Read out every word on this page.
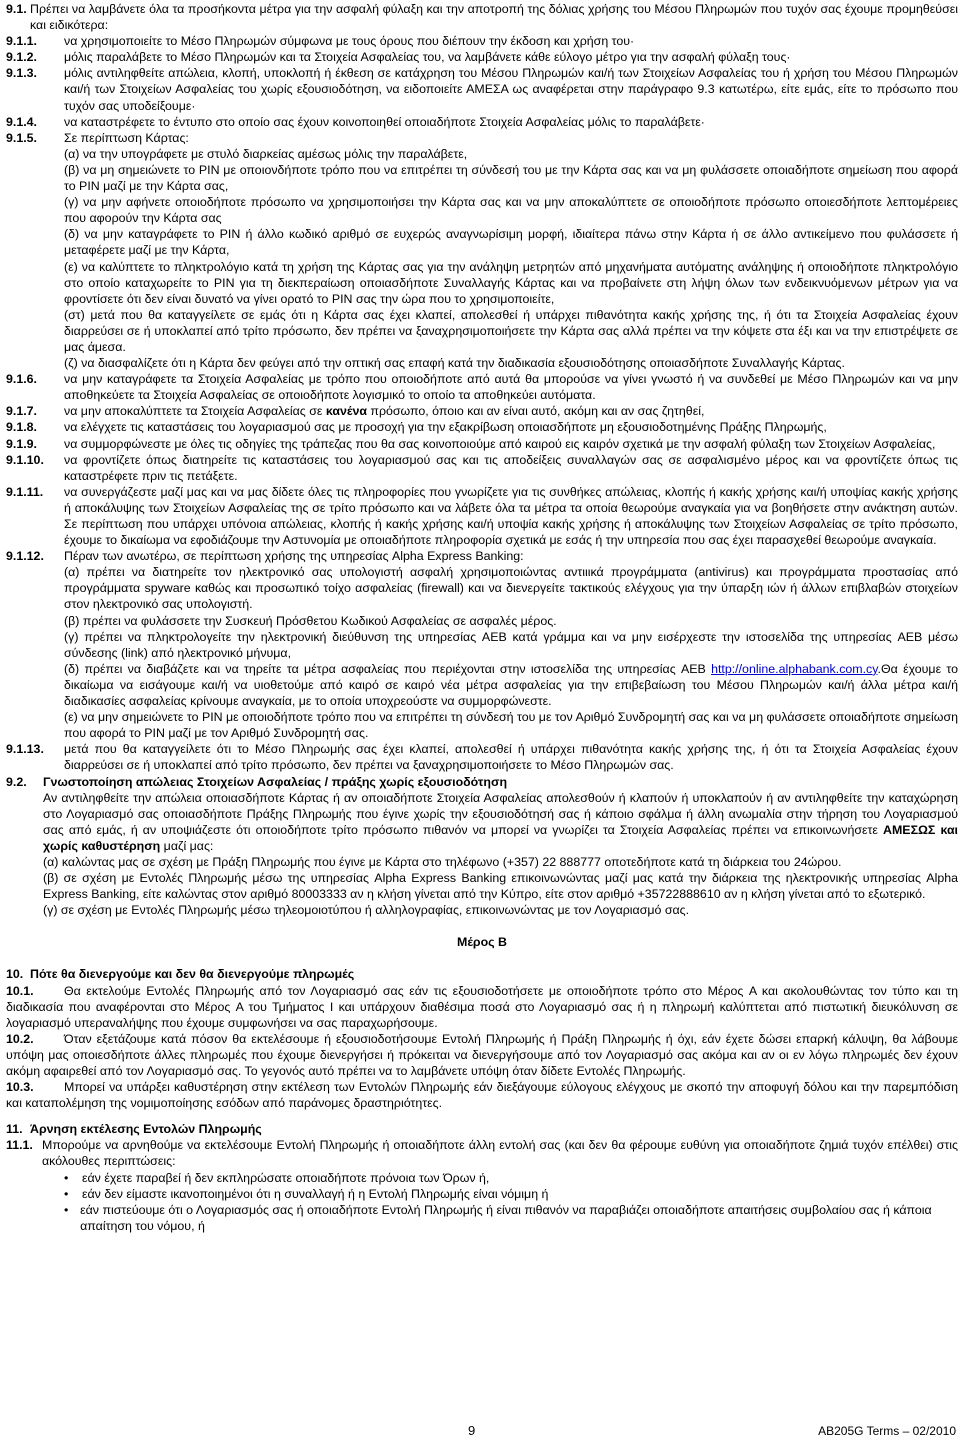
9.1. Πρέπει να λαμβάνετε όλα τα προσήκοντα μέτρα για την ασφαλή φύλαξη και την αποτροπή της δόλιας χρήσης του Μέσου Πληρωμών που τυχόν σας έχουμε προμηθεύσει και ειδικότερα:

9.1.1.	να χρησιμοποιείτε το Μέσο Πληρωμών σύμφωνα με τους όρους που διέπουν την έκδοση και χρήση του·

9.1.2.	μόλις παραλάβετε το Μέσο Πληρωμών και τα Στοιχεία Ασφαλείας του, να λαμβάνετε κάθε εύλογο μέτρο για την ασφαλή φύλαξη τους·

9.1.3.	μόλις αντιληφθείτε απώλεια, κλοπή, υποκλοπή ή έκθεση σε κατάχρηση του Μέσου Πληρωμών και/ή των Στοιχείων Ασφαλείας του ή χρήση του Μέσου Πληρωμών και/ή των Στοιχείων Ασφαλείας του χωρίς εξουσιοδότηση, να ειδοποιείτε ΑΜΕΣΑ ως αναφέρεται στην παράγραφο 9.3 κατωτέρω, είτε εμάς, είτε το πρόσωπο που τυχόν σας υποδείξουμε·

9.1.4.	να καταστρέφετε το έντυπο στο οποίο σας έχουν κοινοποιηθεί οποιαδήποτε Στοιχεία Ασφαλείας μόλις το παραλάβετε·

9.1.5.	Σε περίπτωση Κάρτας:

(α) να την υπογράφετε με στυλό διαρκείας αμέσως μόλις την παραλάβετε,

(β) να μη σημειώνετε το PIN με οποιονδήποτε τρόπο που να επιτρέπει τη σύνδεσή του με την Κάρτα σας και να μη φυλάσσετε οποιαδήποτε σημείωση που αφορά το PIN μαζί με την Κάρτα σας,

(γ) να μην αφήνετε οποιοδήποτε πρόσωπο να χρησιμοποιήσει την Κάρτα σας και να μην αποκαλύπτετε σε οποιοδήποτε πρόσωπο οποιεσδήποτε λεπτομέρειες που αφορούν την Κάρτα σας

(δ) να μην καταγράφετε το PIN ή άλλο κωδικό αριθμό σε ευχερώς αναγνωρίσιμη μορφή, ιδιαίτερα πάνω στην Κάρτα ή σε άλλο αντικείμενο που φυλάσσετε ή μεταφέρετε μαζί με την Κάρτα,

(ε) να καλύπτετε το πληκτρολόγιο κατά τη χρήση της Κάρτας σας για την ανάληψη μετρητών από μηχανήματα αυτόματης ανάληψης ή οποιοδήποτε πληκτρολόγιο στο οποίο καταχωρείτε το PIN για τη διεκπεραίωση οποιασδήποτε Συναλλαγής Κάρτας και να προβαίνετε στη λήψη όλων των ενδεικνυόμενων μέτρων για να φροντίσετε ότι δεν είναι δυνατό να γίνει ορατό το PIN σας την ώρα που το χρησιμοποιείτε,

(στ) μετά που θα καταγγείλετε σε εμάς ότι η Κάρτα σας έχει κλαπεί, απολεσθεί ή υπάρχει πιθανότητα κακής χρήσης της, ή ότι τα Στοιχεία Ασφαλείας έχουν διαρρεύσει σε ή υποκλαπεί από τρίτο πρόσωπο, δεν πρέπει να ξαναχρησιμοποιήσετε την Κάρτα σας αλλά πρέπει να την κόψετε στα έξι και να την επιστρέψετε σε μας άμεσα.

(ζ) να διασφαλίζετε ότι η Κάρτα δεν φεύγει από την οπτική σας επαφή κατά την διαδικασία εξουσιοδότησης οποιασδήποτε Συναλλαγής Κάρτας.

9.1.6.	να μην καταγράφετε τα Στοιχεία Ασφαλείας με τρόπο που οποιοδήποτε από αυτά θα μπορούσε να γίνει γνωστό ή να συνδεθεί με Μέσο Πληρωμών και να μην αποθηκεύετε τα Στοιχεία Ασφαλείας σε οποιοδήποτε λογισμικό το οποίο τα αποθηκεύει αυτόματα.

9.1.7.	να μην αποκαλύπτετε τα Στοιχεία Ασφαλείας σε κανένα πρόσωπο, όποιο και αν είναι αυτό, ακόμη και αν σας ζητηθεί,

9.1.8.	να ελέγχετε τις καταστάσεις του λογαριασμού σας με προσοχή για την εξακρίβωση οποιασδήποτε μη εξουσιοδοτημένης Πράξης Πληρωμής,

9.1.9.	να συμμορφώνεστε με όλες τις οδηγίες της τράπεζας που θα σας κοινοποιούμε από καιρού εις καιρόν σχετικά με την ασφαλή φύλαξη των Στοιχείων Ασφαλείας,

9.1.10.	να φροντίζετε όπως διατηρείτε τις καταστάσεις του λογαριασμού σας και τις αποδείξεις συναλλαγών σας σε ασφαλισμένο μέρος και να φροντίζετε όπως τις καταστρέφετε πριν τις πετάξετε.

9.1.11.	να συνεργάζεστε μαζί μας και να μας δίδετε όλες τις πληροφορίες που γνωρίζετε για τις συνθήκες απώλειας, κλοπής ή κακής χρήσης και/ή υποψίας κακής χρήσης ή αποκάλυψης των Στοιχείων Ασφαλείας της σε τρίτο πρόσωπο και να λάβετε όλα τα μέτρα τα οποία θεωρούμε αναγκαία για να βοηθήσετε στην ανάκτηση αυτών. Σε περίπτωση που υπάρχει υπόνοια απώλειας, κλοπής ή κακής χρήσης και/ή υποψία κακής χρήσης ή αποκάλυψης των Στοιχείων Ασφαλείας σε τρίτο πρόσωπο, έχουμε το δικαίωμα να εφοδιάζουμε την Αστυνομία με οποιαδήποτε πληροφορία σχετικά με εσάς ή την υπηρεσία που σας έχει παρασχεθεί θεωρούμε αναγκαία.

9.1.12.	Πέραν των ανωτέρω, σε περίπτωση χρήσης της υπηρεσίας Alpha Express Banking:

(α) πρέπει να διατηρείτε τον ηλεκτρονικό σας υπολογιστή ασφαλή χρησιμοποιώντας αντιιικά προγράμματα (antivirus) και προγράμματα προστασίας από προγράμματα spyware καθώς και προσωπικό τοίχο ασφαλείας (firewall) και να διενεργείτε τακτικούς ελέγχους για την ύπαρξη ιών ή άλλων επιβλαβών στοιχείων στον ηλεκτρονικό σας υπολογιστή.

(β) πρέπει να φυλάσσετε την Συσκευή Πρόσθετου Κωδικού Ασφαλείας σε ασφαλές μέρος.

(γ) πρέπει να πληκτρολογείτε την ηλεκτρονική διεύθυνση της υπηρεσίας AEB κατά γράμμα και να μην εισέρχεστε την ιστοσελίδα της υπηρεσίας AEB μέσω σύνδεσης (link) από ηλεκτρονικό μήνυμα,

(δ) πρέπει να διαβάζετε και να τηρείτε τα μέτρα ασφαλείας που περιέχονται στην ιστοσελίδα της υπηρεσίας AEB http://online.alphabank.com.cy.Θα έχουμε το δικαίωμα να εισάγουμε και/ή να υιοθετούμε από καιρό σε καιρό νέα μέτρα ασφαλείας για την επιβεβαίωση του Μέσου Πληρωμών και/ή άλλα μέτρα και/ή διαδικασίες ασφαλείας κρίνουμε αναγκαία, με το οποία υποχρεούστε να συμμορφώνεστε.

(ε) να μην σημειώνετε το PIN με οποιοδήποτε τρόπο που να επιτρέπει τη σύνδεσή του με τον Αριθμό Συνδρομητή σας και να μη φυλάσσετε οποιαδήποτε σημείωση που αφορά το PIN μαζί με τον Αριθμό Συνδρομητή σας.

9.1.13.	μετά που θα καταγγείλετε ότι το Μέσο Πληρωμής σας έχει κλαπεί, απολεσθεί ή υπάρχει πιθανότητα κακής χρήσης της, ή ότι τα Στοιχεία Ασφαλείας έχουν διαρρεύσει σε ή υποκλαπεί από τρίτο πρόσωπο, δεν πρέπει να ξαναχρησιμοποιήσετε το Μέσο Πληρωμών σας.

9.2.	Γνωστοποίηση απώλειας Στοιχείων Ασφαλείας / πράξης χωρίς εξουσιοδότηση

Αν αντιληφθείτε την απώλεια οποιασδήποτε Κάρτας ή αν οποιαδήποτε Στοιχεία Ασφαλείας απολεσθούν ή κλαπούν ή υποκλαπούν ή αν αντιληφθείτε την καταχώρηση στο Λογαριασμό σας οποιασδήποτε Πράξης Πληρωμής που έγινε χωρίς την εξουσιοδότησή σας ή κάποιο σφάλμα ή άλλη ανωμαλία στην τήρηση του Λογαριασμού σας από εμάς, ή αν υποψιάζεστε ότι οποιοδήποτε τρίτο πρόσωπο πιθανόν να μπορεί να γνωρίζει τα Στοιχεία Ασφαλείας πρέπει να επικοινωνήσετε ΑΜΕΣΩΣ και χωρίς καθυστέρηση μαζί μας:

(α) καλώντας μας σε σχέση με Πράξη Πληρωμής που έγινε με Κάρτα στο τηλέφωνο (+357) 22 888777 οποτεδήποτε κατά τη διάρκεια του 24ώρου.

(β) σε σχέση με Εντολές Πληρωμής μέσω της υπηρεσίας Alpha Express Banking επικοινωνώντας μαζί μας κατά την διάρκεια της ηλεκτρονικής υπηρεσίας Alpha Express Banking, είτε καλώντας στον αριθμό 80003333 αν η κλήση γίνεται από την Κύπρο, είτε στον αριθμό +35722888610 αν η κλήση γίνεται από το εξωτερικό.

(γ) σε σχέση με Εντολές Πληρωμής μέσω τηλεομοιοτύπου ή αλληλογραφίας, επικοινωνώντας με τον Λογαριασμό σας.

Μέρος Β
10. Πότε θα διενεργούμε και δεν θα διενεργούμε πληρωμές

10.1. Θα εκτελούμε Εντολές Πληρωμής από τον Λογαριασμό σας εάν τις εξουσιοδοτήσετε με οποιοδήποτε τρόπο στο Μέρος A και ακολουθώντας τον τύπο και τη διαδικασία που αναφέρονται στο Μέρος A του Τμήματος I και υπάρχουν διαθέσιμα ποσά στο Λογαριασμό σας ή η πληρωμή καλύπτεται από πιστωτική διευκόλυνση σε λογαριασμό υπεραναλήψης που έχουμε συμφωνήσει να σας παραχωρήσουμε.

10.2. Όταν εξετάζουμε κατά πόσον θα εκτελέσουμε ή εξουσιοδοτήσουμε Εντολή Πληρωμής ή Πράξη Πληρωμής ή όχι, εάν έχετε δώσει επαρκή κάλυψη, θα λάβουμε υπόψη μας οποιεσδήποτε άλλες πληρωμές που έχουμε διενεργήσει ή πρόκειται να διενεργήσουμε από τον Λογαριασμό σας ακόμα και αν οι εν λόγω πληρωμές δεν έχουν ακόμη αφαιρεθεί από τον Λογαριασμό σας. Το γεγονός αυτό πρέπει να το λαμβάνετε υπόψη όταν δίδετε Εντολές Πληρωμής.

10.3. Μπορεί να υπάρξει καθυστέρηση στην εκτέλεση των Εντολών Πληρωμής εάν διεξάγουμε εύλογους ελέγχους με σκοπό την αποφυγή δόλου και την παρεμπόδιση και καταπολέμηση της νομιμοποίησης εσόδων από παράνομες δραστηριότητες.

11. Άρνηση εκτέλεσης Εντολών Πληρωμής
11.1. Μπορούμε να αρνηθούμε να εκτελέσουμε Εντολή Πληρωμής ή οποιαδήποτε άλλη εντολή σας (και δεν θα φέρουμε ευθύνη για οποιαδήποτε ζημιά τυχόν επέλθει) στις ακόλουθες περιπτώσεις:

•	εάν έχετε παραβεί ή δεν εκπληρώσατε οποιαδήποτε πρόνοια των Όρων ή,
•	εάν δεν είμαστε ικανοποιημένοι ότι η συναλλαγή ή η Εντολή Πληρωμής είναι νόμιμη ή
• εάν πιστεύουμε ότι ο Λογαριασμός σας ή οποιαδήποτε Εντολή Πληρωμής ή είναι πιθανόν να παραβιάζει οποιαδήποτε απαιτήσεις συμβολαίου σας ή κάποια απαίτηση του νόμου, ή
9	AB205G Terms – 02/2010
